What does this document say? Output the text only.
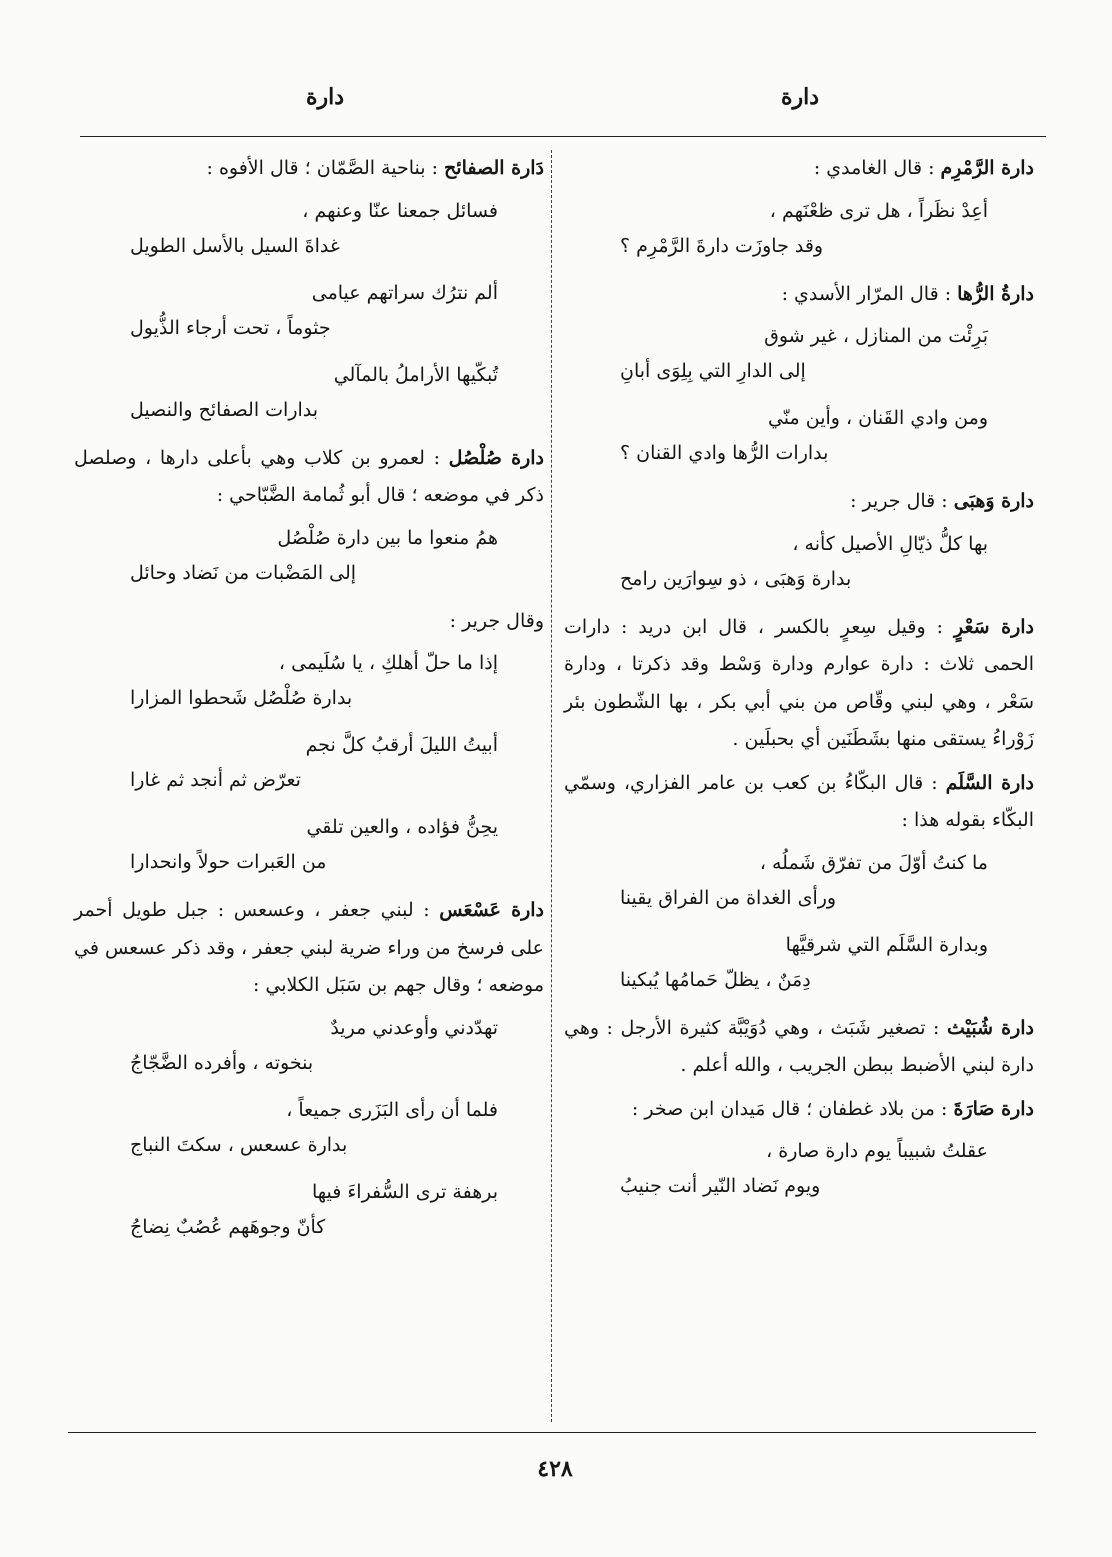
دارة
دارة
دارة الرَّمْرِم : قال الغامدي :
أعِدْ نظَراً ، هل ترى ظعْنَهم ،
وقد جاوزَت دارةَ الرَّمْرِم ؟
دارةُ الرُّها : قال المرّار الأسدي :
بَرِئْت من المنازل ، غير شوق
إلى الدارِ التي بِلِوَى أبانِ
ومن وادي القَنان ، وأين منّي
بدارات الرُّها وادي القنان ؟
دارة وَهبَى : قال جرير :
بها كلُّ ذيّالِ الأصيل كأنه ،
بدارة وَهبَى ، ذو سِوارَين رامح
دارة سَعْرٍ : وقيل سِعرٍ بالكسر ، قال ابن دريد : دارات الحمى ثلاث : دارة عوارم ودارة وَسْط وقد ذكرتا ، ودارة سَعْر ، وهي لبني وقّاص من بني أبي بكر ، بها الشّطون بئر زَوْراءُ يستقى منها بشَطَنَين أي بحبلَين .
دارة السَّلَم : قال البكّاءُ بن كعب بن عامر الفزاري، وسمّي البكّاء بقوله هذا :
ما كنتُ أوّلَ من تفرّق شَملُه ،
ورأى الغداة من الفراق يقينا
وبدارة السَّلَم التي شرقيَّها
دِمَنٌ ، يظلّ حَمامُها يُبكينا
دارة شُبَيْث : تصغير شَبَث ، وهي دُوَيْبَّة كثيرة الأرجل : وهي دارة لبني الأضبط ببطن الجريب ، والله أعلم .
دارة صَارَةَ : من بلاد غطفان ؛ قال مَيدان ابن صخر :
عقلتُ شبيباً يوم دارة صارة ،
ويوم نَضاد النّير أنت جنيبُ
دَارة الصفائح : بناحية الصَّمّان ؛ قال الأفوه :
فسائل جمعنا عنّا وعنهم ،
غداةَ السيل بالأسل الطويل
ألم نترُك سراتهم عيامى
جثوماً ، تحت أرجاء الذُّيول
تُبكّيها الأراملُ بالمآلي
بدارات الصفائح والنصيل
دارة صُلْصُل : لعمرو بن كلاب وهي بأعلى دارها ، وصلصل ذكر في موضعه ؛ قال أبو ثُمامة الضَّبّاحي :
همُ منعوا ما بين دارة صُلْصُل
إلى المَضْبات من نَضاد وحائل
وقال جرير :
إذا ما حلّ أهلكِ ، يا سُلَيمى ،
بدارة صُلْصُل شَحطوا المزارا
أبيتُ الليلَ أرقبُ كلَّ نجم
تعرّض ثم أنجد ثم غارا
يحِنُّ فؤاده ، والعين تلقي
من العَبرات حولاً وانحدارا
دارة عَسْعَس : لبني جعفر ، وعسعس : جبل طويل أحمر على فرسخ من وراء ضرية لبني جعفر ، وقد ذكر عسعس في موضعه ؛ وقال جهم بن سَبَل الكلابي :
تهدّدني وأوعدني مريدٌ
بنخوته ، وأفرده الضَّجّاجُ
فلما أن رأى البَزَرى جميعاً ،
بدارة عسعس ، سكتَ النباج
برهفة ترى السُّفراءَ فيها
كأنّ وجوهَهم عُصُبٌ نِضاجُ
٤٢٨
